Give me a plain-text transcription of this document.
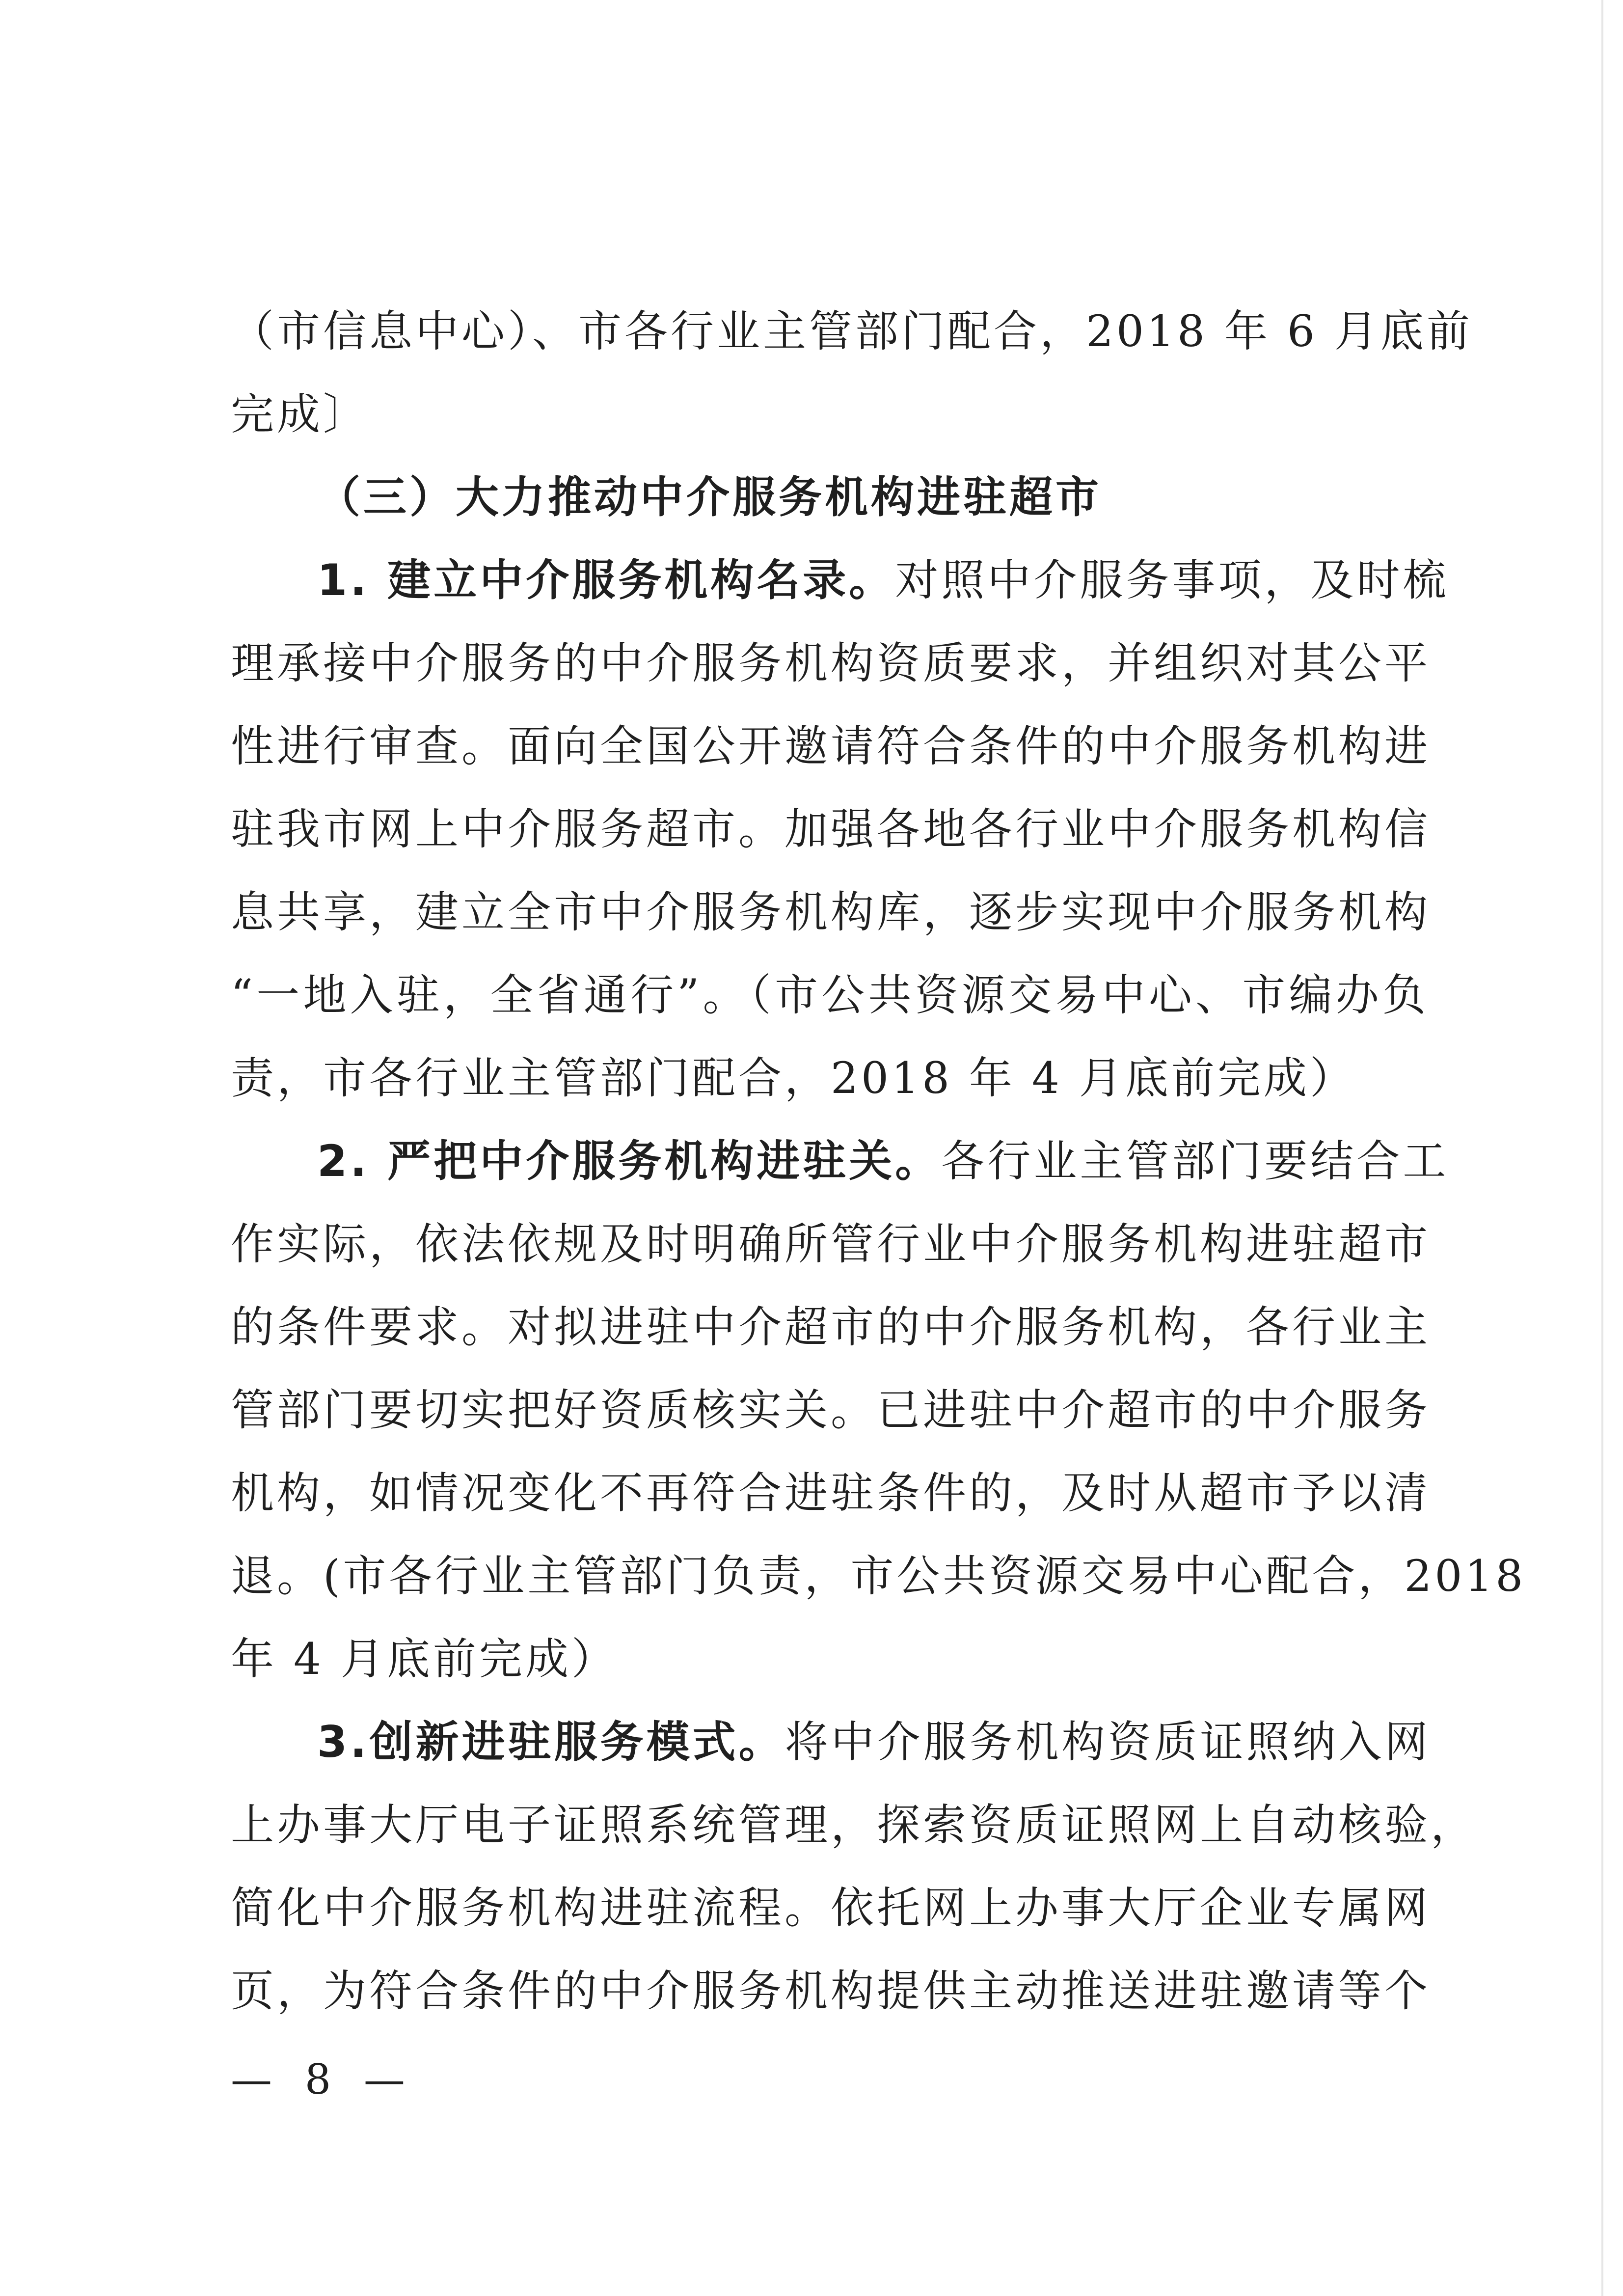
（市信息中心）、市各行业主管部门配合，2018 年 6 月底前
完成〕
（三）大力推动中介服务机构进驻超市
1. 建立中介服务机构名录。对照中介服务事项，及时梳
理承接中介服务的中介服务机构资质要求，并组织对其公平
性进行审查。面向全国公开邀请符合条件的中介服务机构进
驻我市网上中介服务超市。加强各地各行业中介服务机构信
息共享，建立全市中介服务机构库，逐步实现中介服务机构
“一地入驻，全省通行”。（市公共资源交易中心、市编办负
责，市各行业主管部门配合，2018 年 4 月底前完成）
2. 严把中介服务机构进驻关。各行业主管部门要结合工
作实际，依法依规及时明确所管行业中介服务机构进驻超市
的条件要求。对拟进驻中介超市的中介服务机构，各行业主
管部门要切实把好资质核实关。已进驻中介超市的中介服务
机构，如情况变化不再符合进驻条件的，及时从超市予以清
退。(市各行业主管部门负责，市公共资源交易中心配合，2018
年 4 月底前完成）
3.创新进驻服务模式。将中介服务机构资质证照纳入网
上办事大厅电子证照系统管理，探索资质证照网上自动核验，
简化中介服务机构进驻流程。依托网上办事大厅企业专属网
页，为符合条件的中介服务机构提供主动推送进驻邀请等个
— 8 —
